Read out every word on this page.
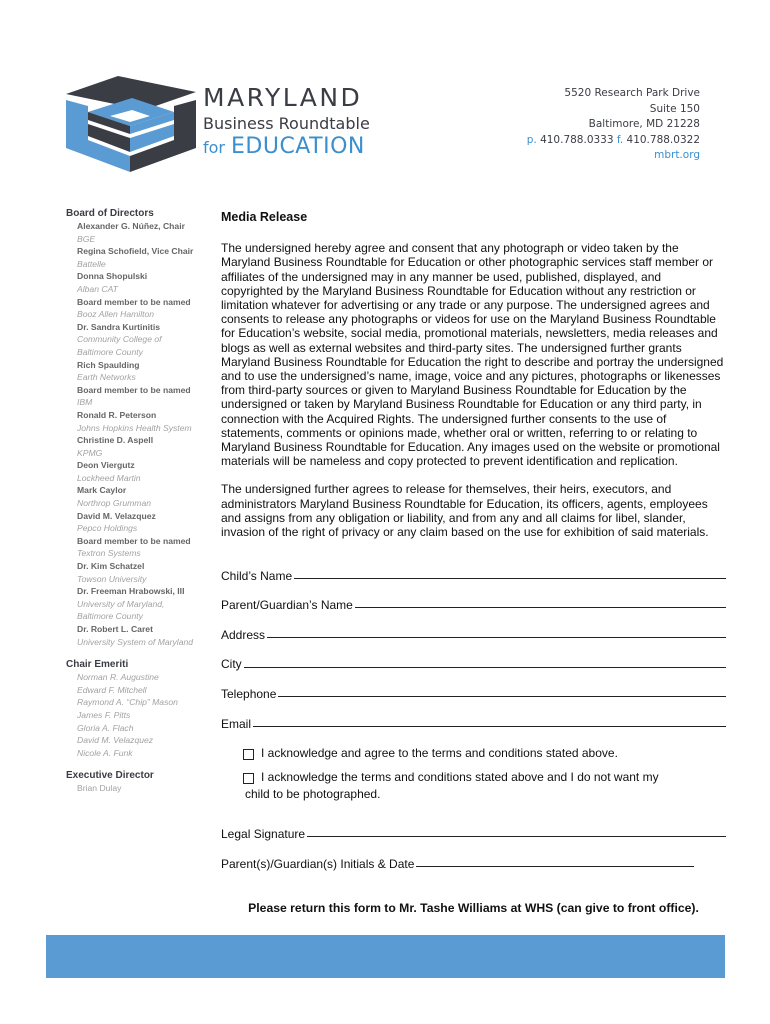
MARYLAND
Business Roundtable
for EDUCATION
5520 Research Park Drive
Suite 150
Baltimore, MD 21228
p. 410.788.0333 f. 410.788.0322
mbrt.org
Board of Directors
Alexander G. Núñez, Chair
BGE
Regina Schofield, Vice Chair
Battelle
Donna Shopulski
Alban CAT
Board member to be named
Booz Allen Hamilton
Dr. Sandra Kurtinitis
Community College of
Baltimore County
Rich Spaulding
Earth Networks
Board member to be named
IBM
Ronald R. Peterson
Johns Hopkins Health System
Christine D. Aspell
KPMG
Deon Viergutz
Lockheed Martin
Mark Caylor
Northrop Grumman
David M. Velazquez
Pepco Holdings
Board member to be named
Textron Systems
Dr. Kim Schatzel
Towson University
Dr. Freeman Hrabowski, III
University of Maryland,
Baltimore County
Dr. Robert L. Caret
University System of Maryland
Chair Emeriti
Norman R. Augustine
Edward F. Mitchell
Raymond A. “Chip” Mason
James F. Pitts
Gloria A. Flach
David M. Velazquez
Nicole A. Funk
Executive Director
Brian Dulay
Media Release

The undersigned hereby agree and consent that any photograph or video taken by the Maryland Business Roundtable for Education or other photographic services staff member or affiliates of the undersigned may in any manner be used, published, displayed, and copyrighted by the Maryland Business Roundtable for Education without any restriction or limitation whatever for advertising or any trade or any purpose. The undersigned agrees and consents to release any photographs or videos for use on the Maryland Business Roundtable for Education’s website, social media, promotional materials, newsletters, media releases and blogs as well as external websites and third-party sites. The undersigned further grants Maryland Business Roundtable for Education the right to describe and portray the undersigned and to use the undersigned’s name, image, voice and any pictures, photographs or likenesses from third-party sources or given to Maryland Business Roundtable for Education by the undersigned or taken by Maryland Business Roundtable for Education or any third party, in connection with the Acquired Rights. The undersigned further consents to the use of statements, comments or opinions made, whether oral or written, referring to or relating to Maryland Business Roundtable for Education. Any images used on the website or promotional materials will be nameless and copy protected to prevent identification and replication.

The undersigned further agrees to release for themselves, their heirs, executors, and administrators Maryland Business Roundtable for Education, its officers, agents, employees and assigns from any obligation or liability, and from any and all claims for libel, slander, invasion of the right of privacy or any claim based on the use for exhibition of said materials.

Child’s Name
Parent/Guardian’s Name
Address
City
Telephone
Email
I acknowledge and agree to the terms and conditions stated above.
I acknowledge the terms and conditions stated above and I do not want my
child to be photographed.
Legal Signature
Parent(s)/Guardian(s) Initials & Date
Please return this form to Mr. Tashe Williams at WHS (can give to front office).
